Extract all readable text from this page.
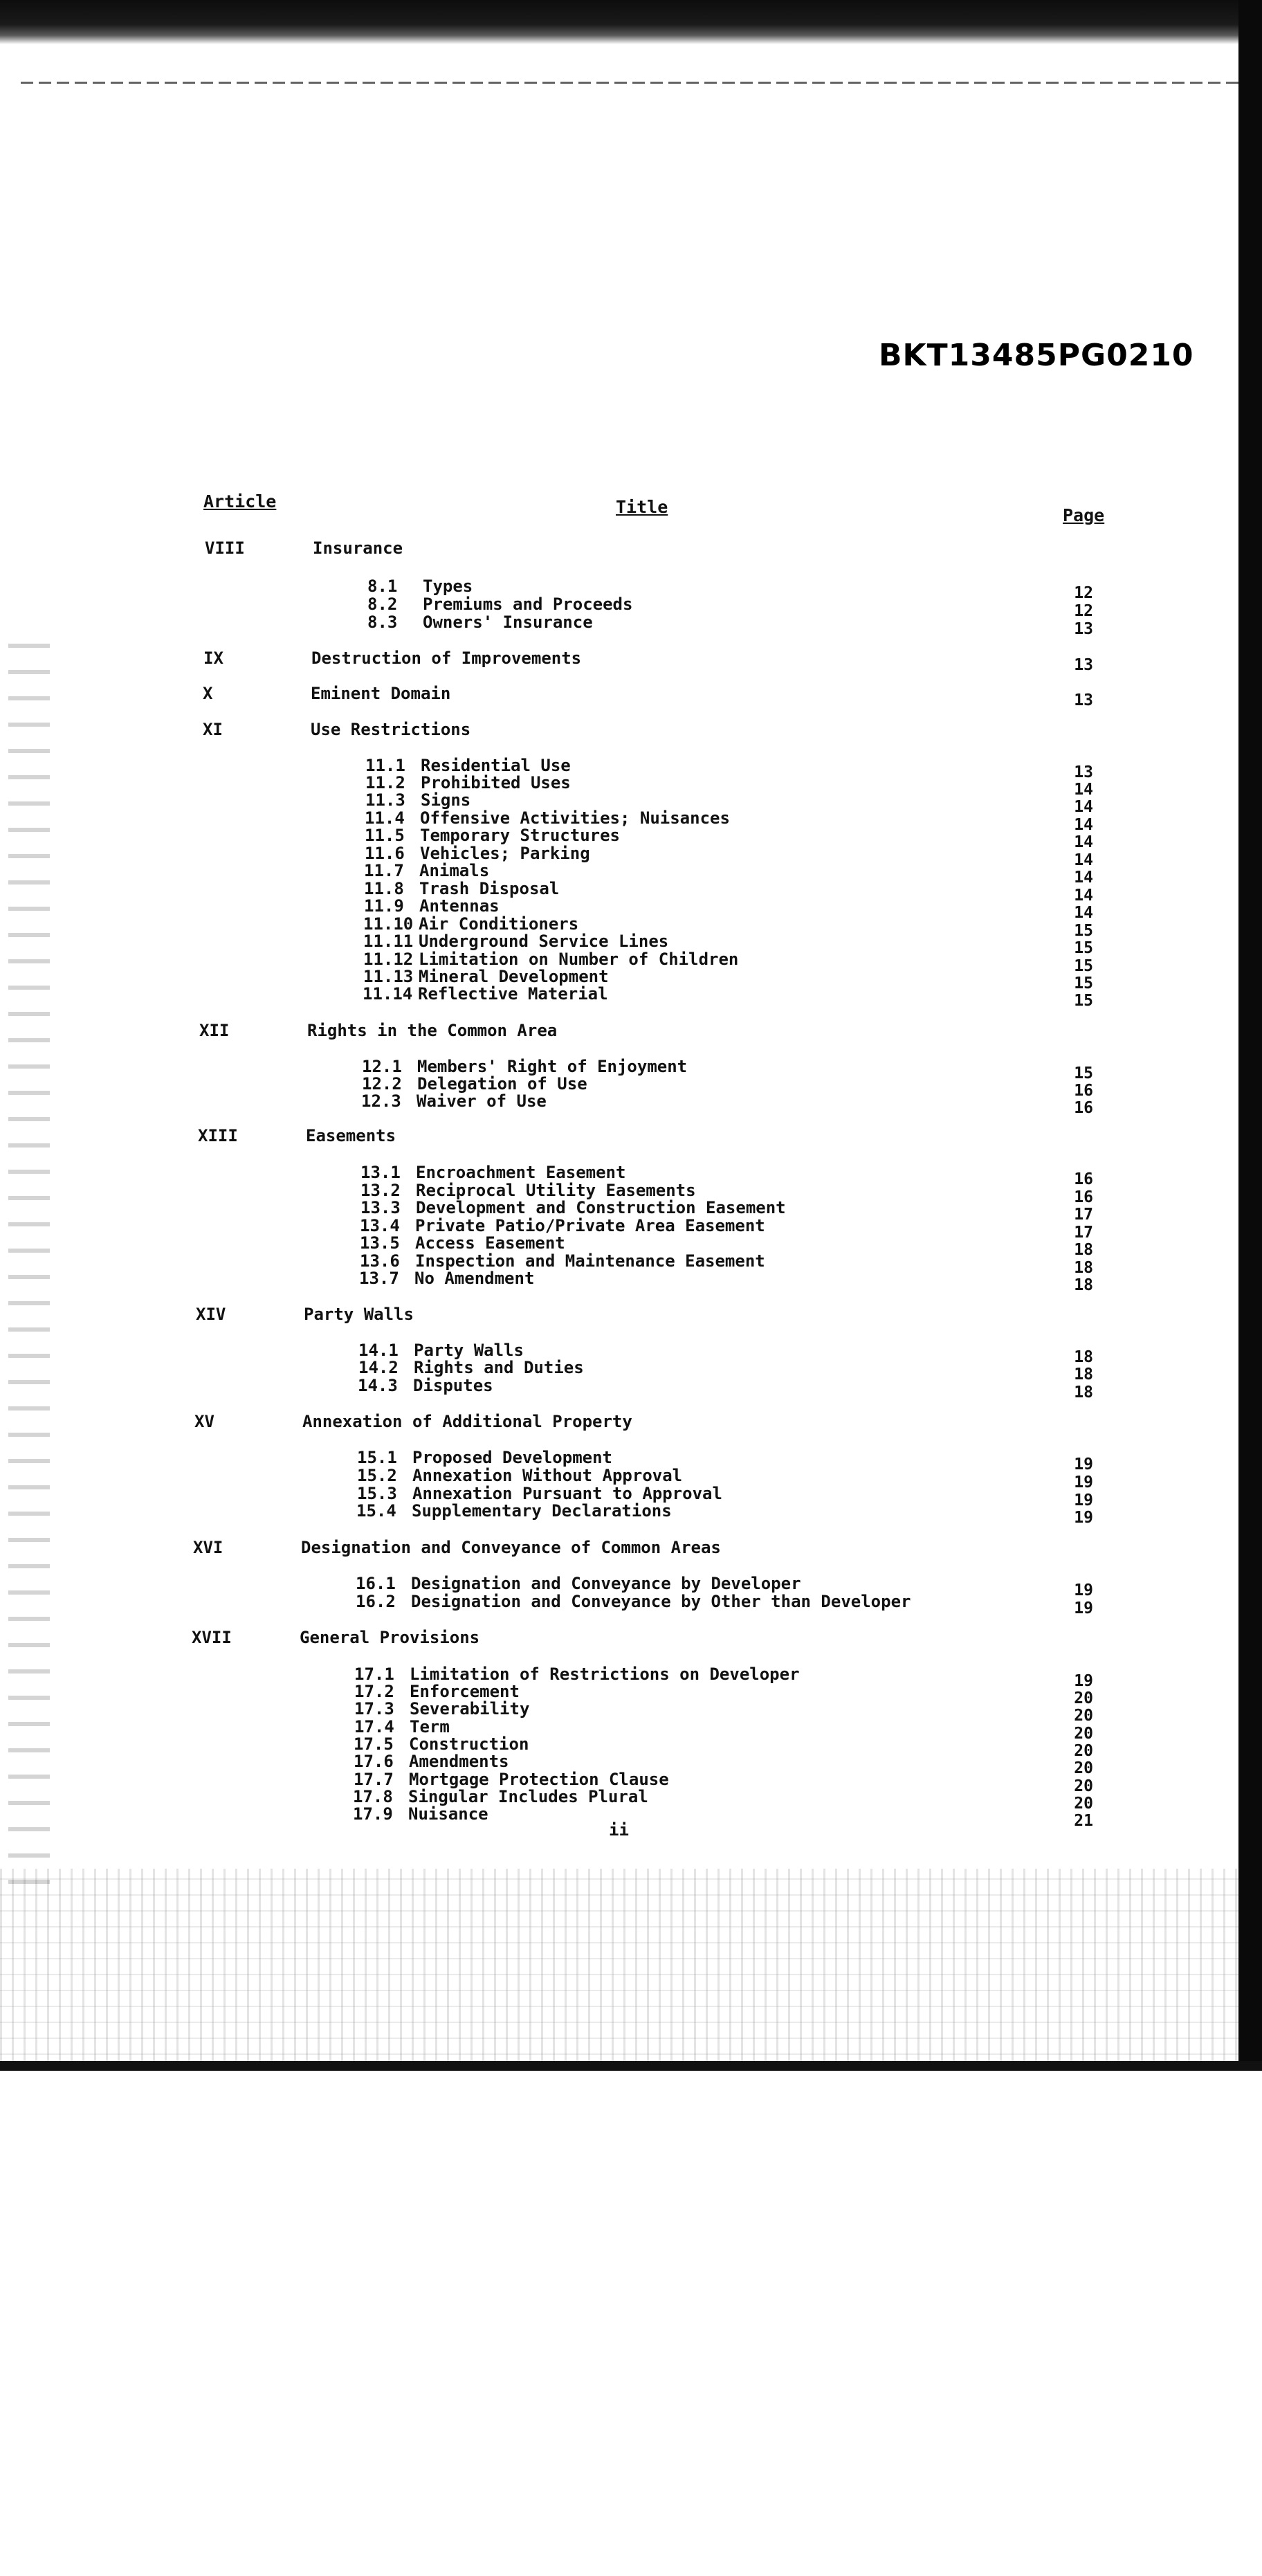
BKT13485PG0210
Article	Title	Page
VIII	Insurance
8.1 Types	12
8.2 Premiums and Proceeds	12
8.3 Owners' Insurance	13
IX	Destruction of Improvements	13
X	Eminent Domain	13
XI	Use Restrictions
11.1 Residential Use	13
11.2 Prohibited Uses	14
11.3 Signs	14
11.4 Offensive Activities; Nuisances	14
11.5 Temporary Structures	14
11.6 Vehicles; Parking	14
11.7 Animals	14
11.8 Trash Disposal	14
11.9 Antennas	14
11.10 Air Conditioners	15
11.11 Underground Service Lines	15
11.12 Limitation on Number of Children	15
11.13 Mineral Development	15
11.14 Reflective Material	15
XII	Rights in the Common Area
12.1 Members' Right of Enjoyment	15
12.2 Delegation of Use	16
12.3 Waiver of Use	16
XIII	Easements
13.1 Encroachment Easement	16
13.2 Reciprocal Utility Easements	16
13.3 Development and Construction Easement	17
13.4 Private Patio/Private Area Easement	17
13.5 Access Easement	18
13.6 Inspection and Maintenance Easement	18
13.7 No Amendment	18
XIV	Party Walls
14.1 Party Walls	18
14.2 Rights and Duties	18
14.3 Disputes	18
XV	Annexation of Additional Property
15.1 Proposed Development	19
15.2 Annexation Without Approval	19
15.3 Annexation Pursuant to Approval	19
15.4 Supplementary Declarations	19
XVI	Designation and Conveyance of Common Areas
16.1 Designation and Conveyance by Developer	19
16.2 Designation and Conveyance by Other than Developer	19
XVII	General Provisions
17.1 Limitation of Restrictions on Developer	19
17.2 Enforcement	20
17.3 Severability	20
17.4 Term	20
17.5 Construction	20
17.6 Amendments	20
17.7 Mortgage Protection Clause	20
17.8 Singular Includes Plural	20
17.9 Nuisance	21
ii
